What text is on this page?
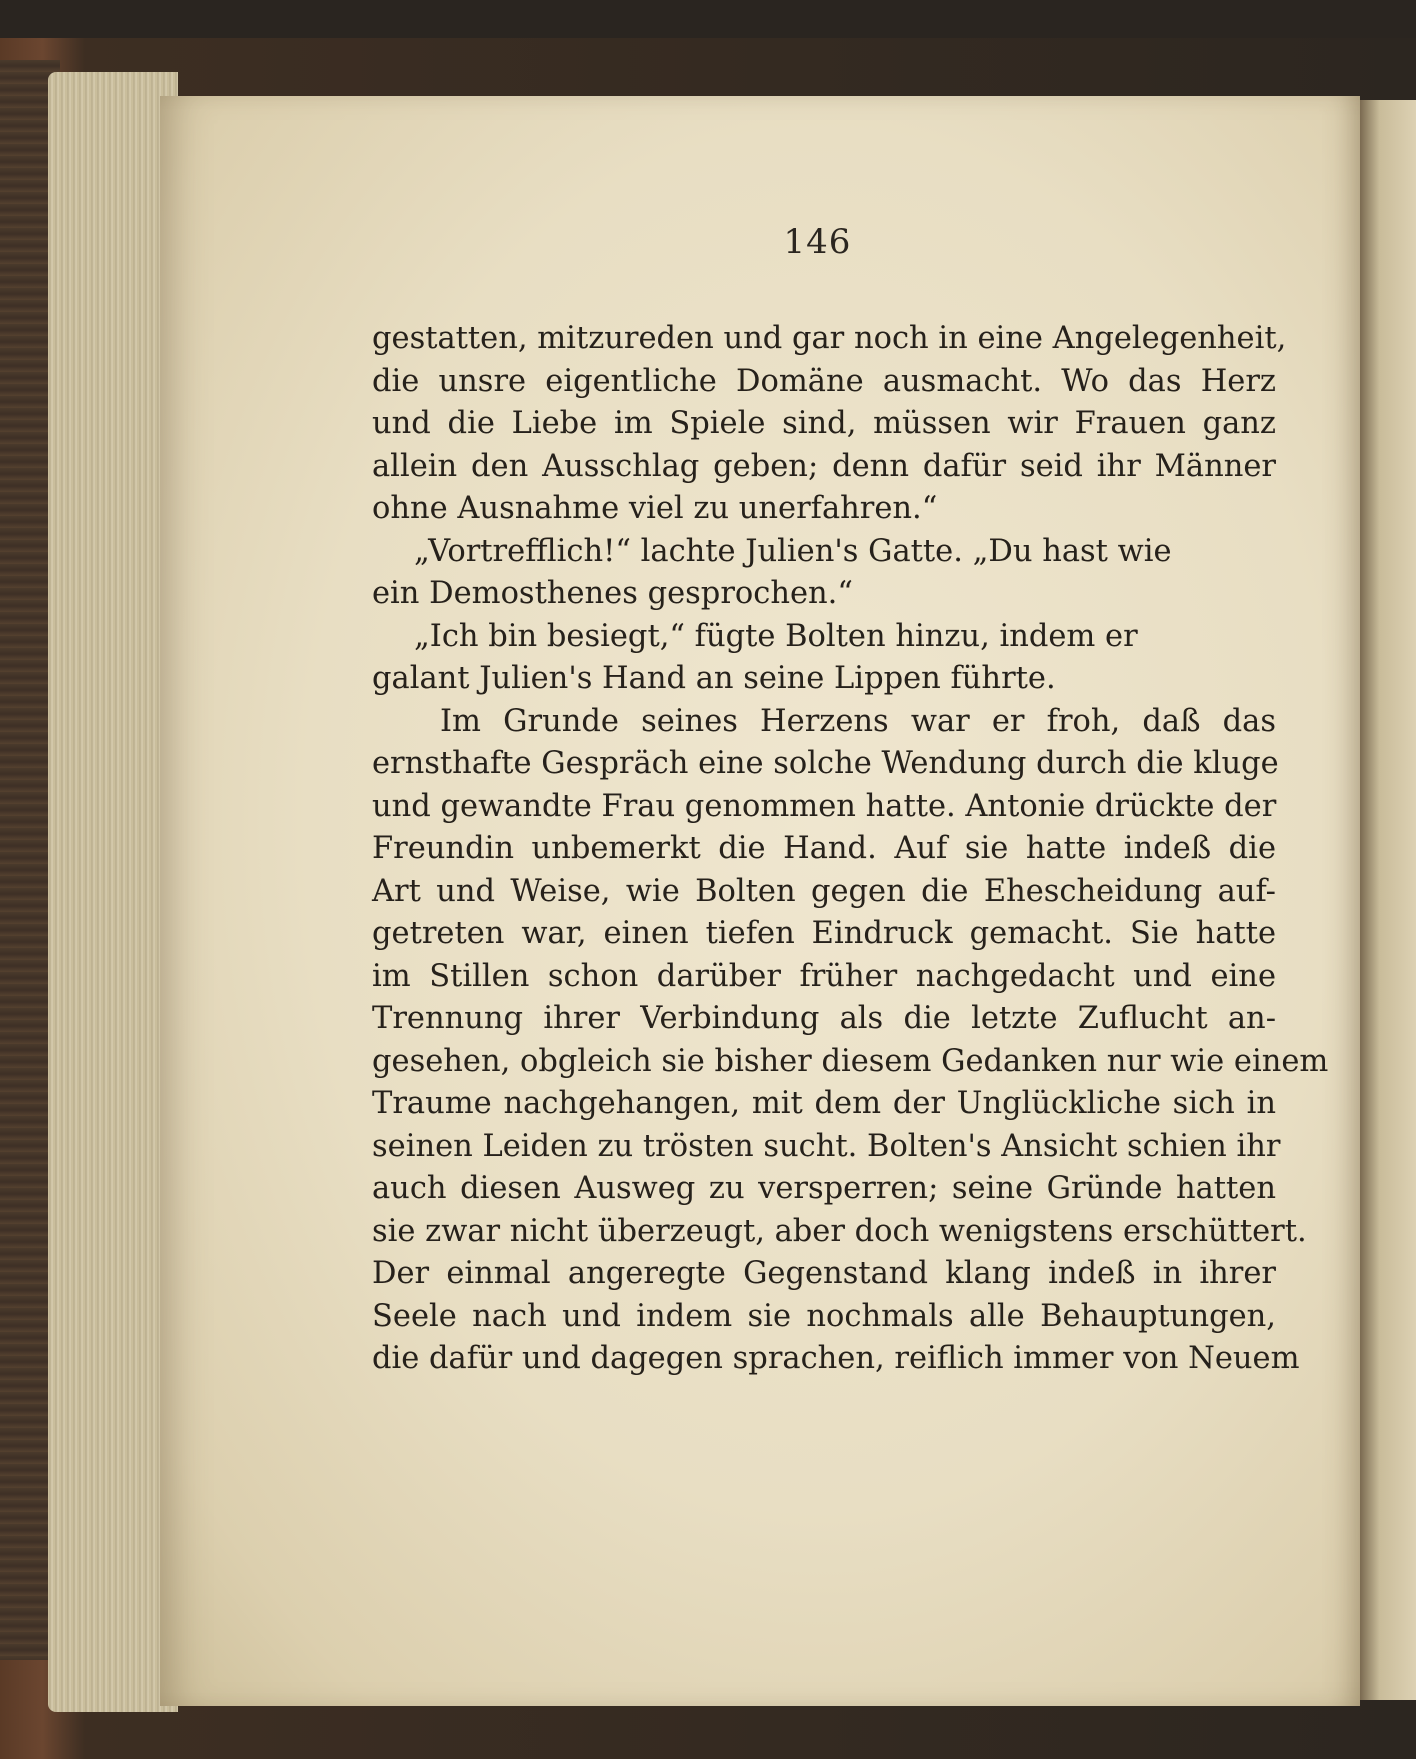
146
gestatten, mitzureden und gar noch in eine Angelegenheit,
die unsre eigentliche Domäne ausmacht. Wo das Herz
und die Liebe im Spiele sind, müssen wir Frauen ganz
allein den Ausschlag geben; denn dafür seid ihr Männer
ohne Ausnahme viel zu unerfahren.“
„Vortrefflich!“ lachte Julien's Gatte. „Du hast wie
ein Demosthenes gesprochen.“
„Ich bin besiegt,“ fügte Bolten hinzu, indem er
galant Julien's Hand an seine Lippen führte.
Im Grunde seines Herzens war er froh, daß das
ernsthafte Gespräch eine solche Wendung durch die kluge
und gewandte Frau genommen hatte. Antonie drückte der
Freundin unbemerkt die Hand. Auf sie hatte indeß die
Art und Weise, wie Bolten gegen die Ehescheidung auf-
getreten war, einen tiefen Eindruck gemacht. Sie hatte
im Stillen schon darüber früher nachgedacht und eine
Trennung ihrer Verbindung als die letzte Zuflucht an-
gesehen, obgleich sie bisher diesem Gedanken nur wie einem
Traume nachgehangen, mit dem der Unglückliche sich in
seinen Leiden zu trösten sucht. Bolten's Ansicht schien ihr
auch diesen Ausweg zu versperren; seine Gründe hatten
sie zwar nicht überzeugt, aber doch wenigstens erschüttert.
Der einmal angeregte Gegenstand klang indeß in ihrer
Seele nach und indem sie nochmals alle Behauptungen,
die dafür und dagegen sprachen, reiflich immer von Neuem
